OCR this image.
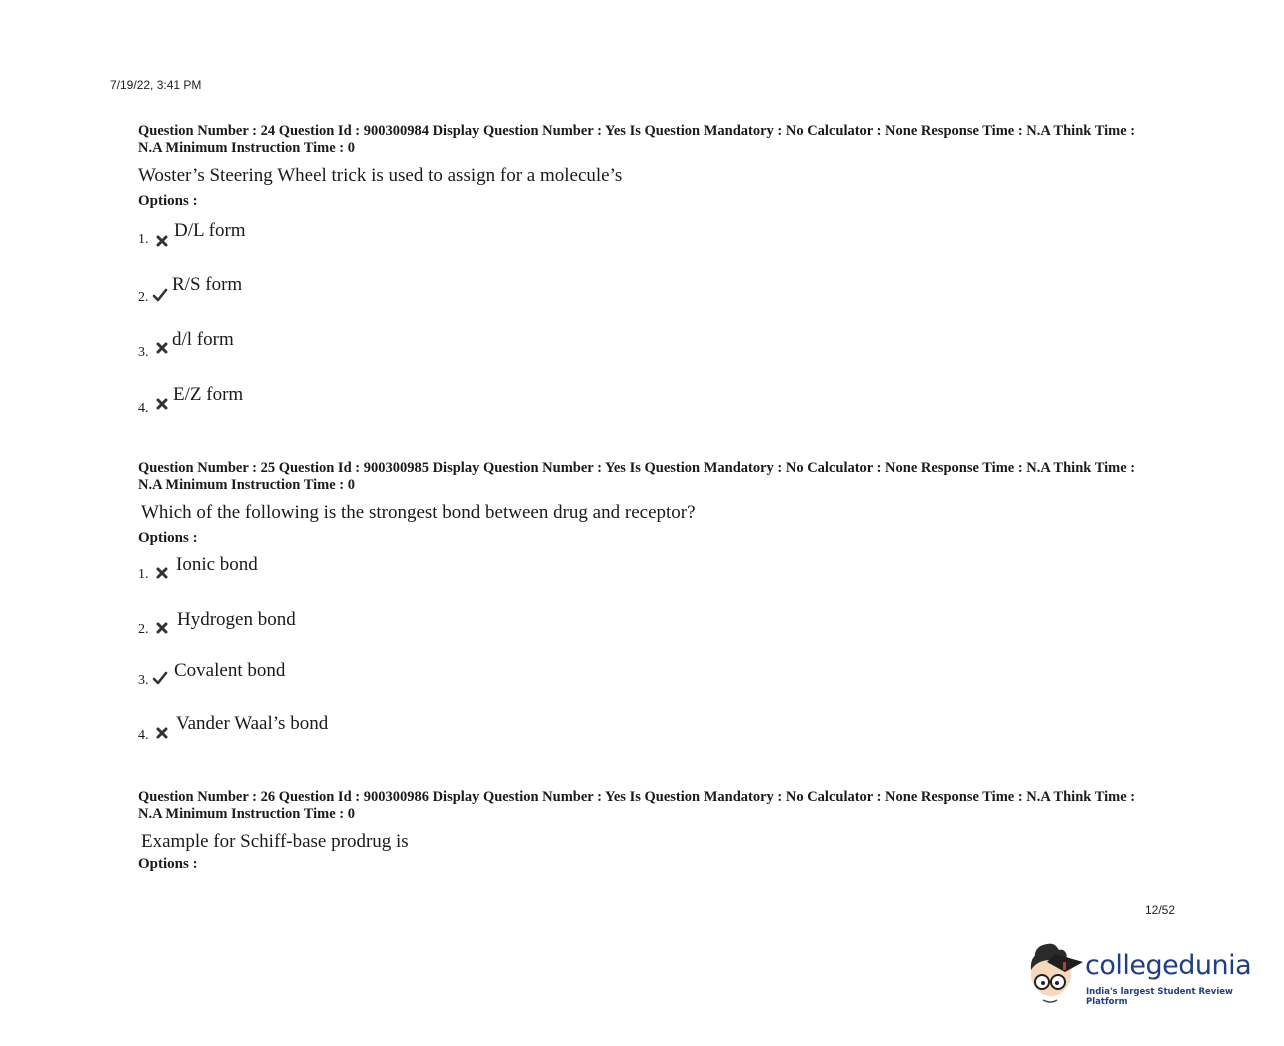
7/19/22, 3:41 PM

Question Number : 24 Question Id : 900300984 Display Question Number : Yes Is Question Mandatory : No Calculator : None Response Time : N.A Think Time : N.A Minimum Instruction Time : 0

Woster’s Steering Wheel trick is used to assign for a molecule’s

Options :

1. D/L form
2.
R/S form
3.
d/l form
4.
E/Z form

Question Number : 25 Question Id : 900300985 Display Question Number : Yes Is Question Mandatory : No Calculator : None Response Time : N.A Think Time : N.A Minimum Instruction Time : 0

Which of the following is the strongest bond between drug and receptor?

Options :

1. Ionic bond
2. Hydrogen bond
3. Covalent bond
4.
Vander Waal’s bond

Question Number : 26 Question Id : 900300986 Display Question Number : Yes Is Question Mandatory : No Calculator : None Response Time : N.A Think Time : N.A Minimum Instruction Time : 0

Example for Schiff-base prodrug is

Options :

12/52
collegedunia
India's largest Student Review Platform
